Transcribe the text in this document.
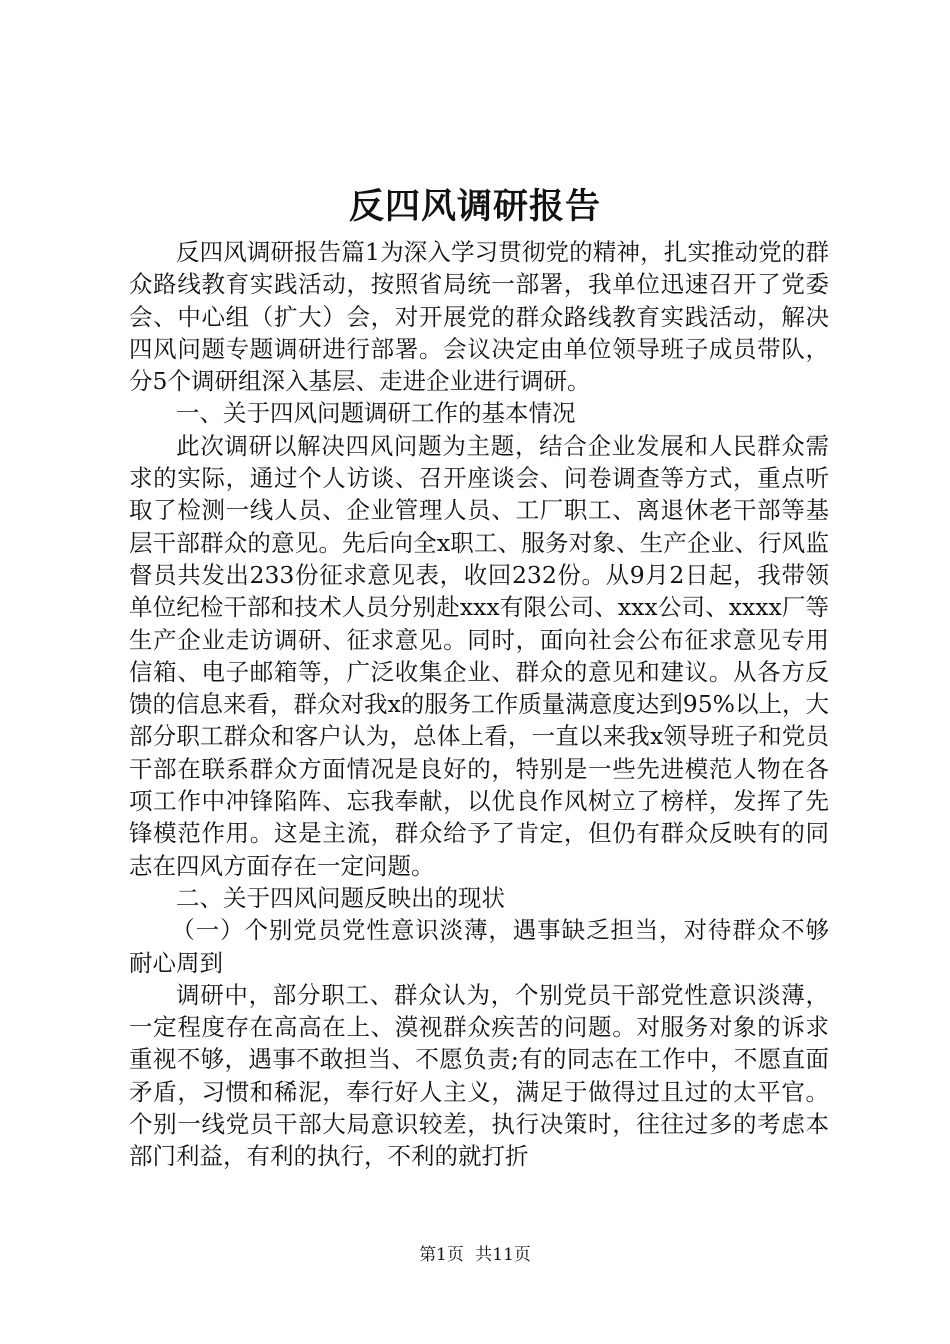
反四风调研报告

反四风调研报告篇1为深入学习贯彻党的精神，扎实推动党的群众路线教育实践活动，按照省局统一部署，我单位迅速召开了党委会、中心组（扩大）会，对开展党的群众路线教育实践活动，解决四风问题专题调研进行部署。会议决定由单位领导班子成员带队，分5个调研组深入基层、走进企业进行调研。

一、关于四风问题调研工作的基本情况

此次调研以解决四风问题为主题，结合企业发展和人民群众需求的实际，通过个人访谈、召开座谈会、问卷调查等方式，重点听取了检测一线人员、企业管理人员、工厂职工、离退休老干部等基层干部群众的意见。先后向全x职工、服务对象、生产企业、行风监督员共发出233份征求意见表，收回232份。从9月2日起，我带领单位纪检干部和技术人员分别赴xxx有限公司、xxx公司、xxxx厂等生产企业走访调研、征求意见。同时，面向社会公布征求意见专用信箱、电子邮箱等，广泛收集企业、群众的意见和建议。从各方反馈的信息来看，群众对我x的服务工作质量满意度达到95%以上，大部分职工群众和客户认为，总体上看，一直以来我x领导班子和党员干部在联系群众方面情况是良好的，特别是一些先进模范人物在各项工作中冲锋陷阵、忘我奉献，以优良作风树立了榜样，发挥了先锋模范作用。这是主流，群众给予了肯定，但仍有群众反映有的同志在四风方面存在一定问题。

二、关于四风问题反映出的现状

（一）个别党员党性意识淡薄，遇事缺乏担当，对待群众不够耐心周到

调研中，部分职工、群众认为，个别党员干部党性意识淡薄，一定程度存在高高在上、漠视群众疾苦的问题。对服务对象的诉求重视不够，遇事不敢担当、不愿负责;有的同志在工作中，不愿直面矛盾，习惯和稀泥，奉行好人主义，满足于做得过且过的太平官。个别一线党员干部大局意识较差，执行决策时，往往过多的考虑本部门利益，有利的执行，不利的就打折

第1页 共11页
